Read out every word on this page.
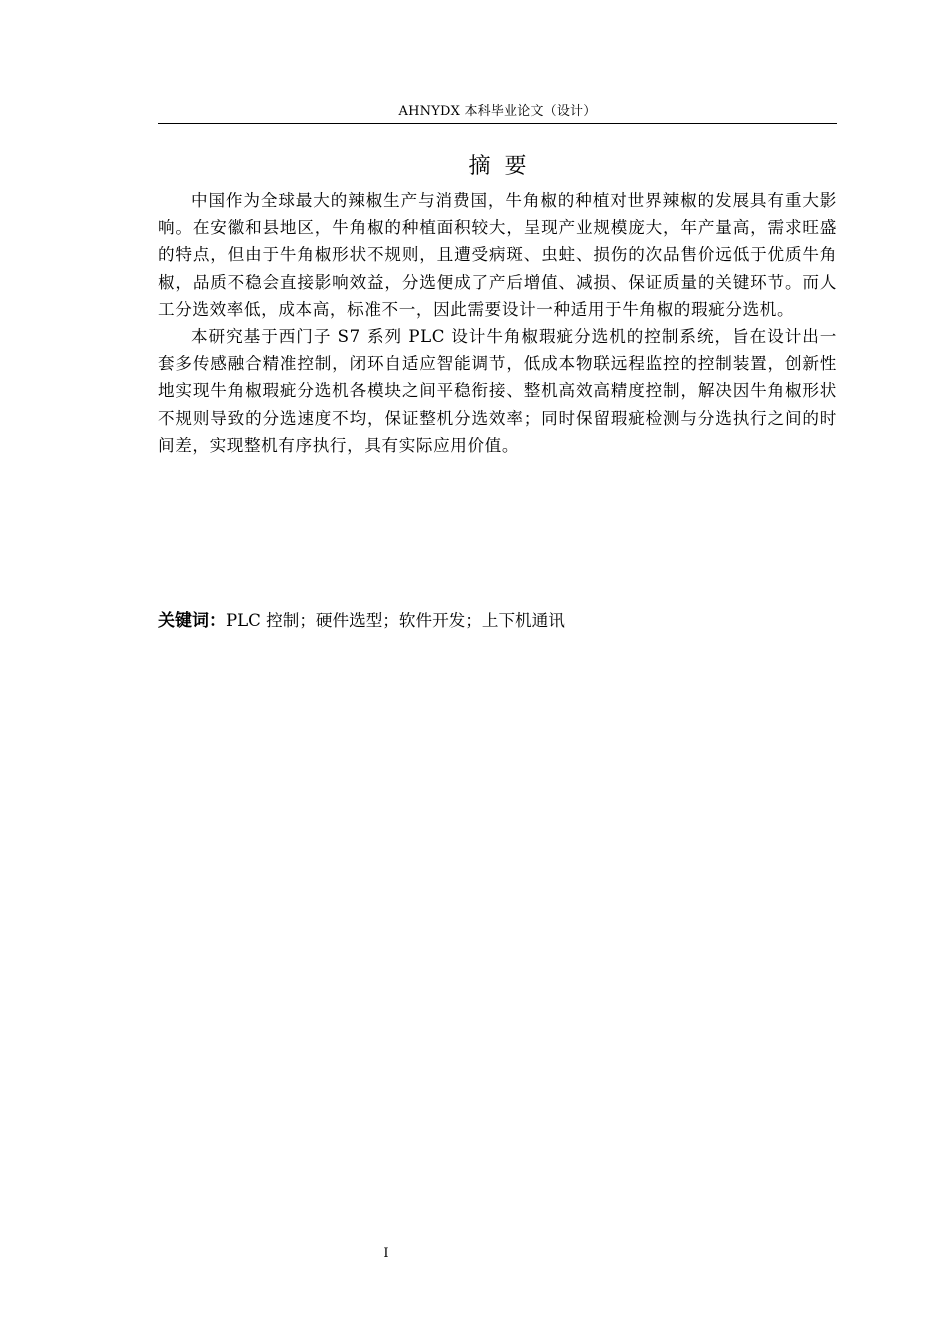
AHNYDX 本科毕业论文（设计）
摘要

中国作为全球最大的辣椒生产与消费国，牛角椒的种植对世界辣椒的发展具有重大影响。在安徽和县地区，牛角椒的种植面积较大，呈现产业规模庞大，年产量高，需求旺盛的特点，但由于牛角椒形状不规则，且遭受病斑、虫蛀、损伤的次品售价远低于优质牛角椒，品质不稳会直接影响效益，分选便成了产后增值、减损、保证质量的关键环节。而人工分选效率低，成本高，标准不一，因此需要设计一种适用于牛角椒的瑕疵分选机。

本研究基于西门子 S7 系列 PLC 设计牛角椒瑕疵分选机的控制系统，旨在设计出一套多传感融合精准控制，闭环自适应智能调节，低成本物联远程监控的控制装置，创新性地实现牛角椒瑕疵分选机各模块之间平稳衔接、整机高效高精度控制，解决因牛角椒形状不规则导致的分选速度不均，保证整机分选效率；同时保留瑕疵检测与分选执行之间的时间差，实现整机有序执行，具有实际应用价值。

关键词：PLC 控制；硬件选型；软件开发；上下机通讯
I
